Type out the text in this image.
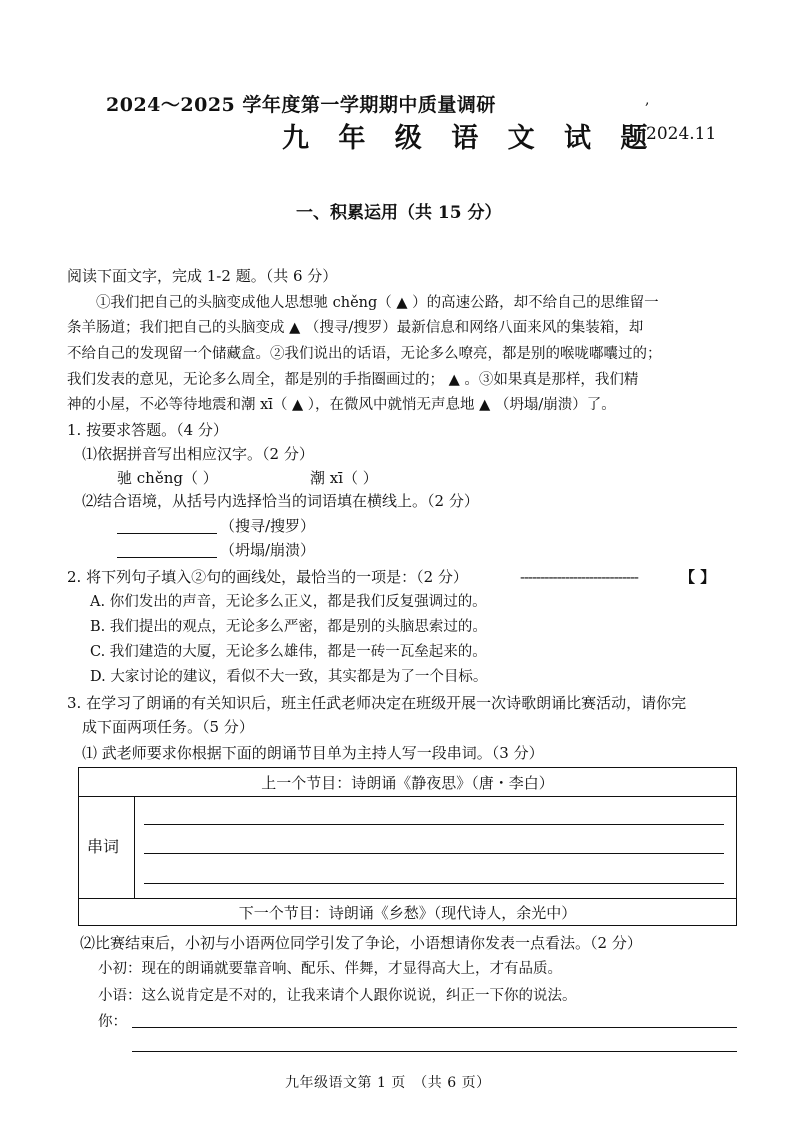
2024～2025 学年度第一学期期中质量调研	,
九 年 级 语 文 试 题
2024.11
一、积累运用（共 15 分）
阅读下面文字，完成 1-2 题。（共 6 分）
①我们把自己的头脑变成他人思想驰 chěng（ ▲ ）的高速公路，却不给自己的思维留一
条羊肠道；我们把自己的头脑变成 ▲ （搜寻/搜罗）最新信息和网络八面来风的集装箱，却
不给自己的发现留一个储藏盒。②我们说出的话语，无论多么嘹亮，都是别的喉咙嘟囔过的；
我们发表的意见，无论多么周全，都是别的手指圈画过的； ▲ 。③如果真是那样，我们精
神的小屋，不必等待地震和潮 xī（ ▲ ），在微风中就悄无声息地 ▲ （坍塌/崩溃）了。
1. 按要求答题。（4 分）
⑴依据拼音写出相应汉字。（2 分）
驰 chěng（ ）	潮 xī（ ）
⑵结合语境，从括号内选择恰当的词语填在横线上。（2 分）
（搜寻/搜罗）
（坍塌/崩溃）
2. 将下列句子填入②句的画线处，最恰当的一项是：（2 分）	-----------------------------	【 】
A. 你们发出的声音，无论多么正义，都是我们反复强调过的。
B. 我们提出的观点，无论多么严密，都是别的头脑思索过的。
C. 我们建造的大厦，无论多么雄伟，都是一砖一瓦垒起来的。
D. 大家讨论的建议，看似不大一致，其实都是为了一个目标。
3. 在学习了朗诵的有关知识后，班主任武老师决定在班级开展一次诗歌朗诵比赛活动，请你完
成下面两项任务。（5 分）
⑴ 武老师要求你根据下面的朗诵节目单为主持人写一段串词。（3 分）
上一个节目：诗朗诵《静夜思》（唐・李白）
串词
下一个节目：诗朗诵《乡愁》（现代诗人，余光中）
⑵比赛结束后，小初与小语两位同学引发了争论，小语想请你发表一点看法。（2 分）
小初：现在的朗诵就要靠音响、配乐、伴舞，才显得高大上，才有品质。
小语：这么说肯定是不对的，让我来请个人跟你说说，纠正一下你的说法。
你：
九年级语文第 1 页　（共 6 页）
